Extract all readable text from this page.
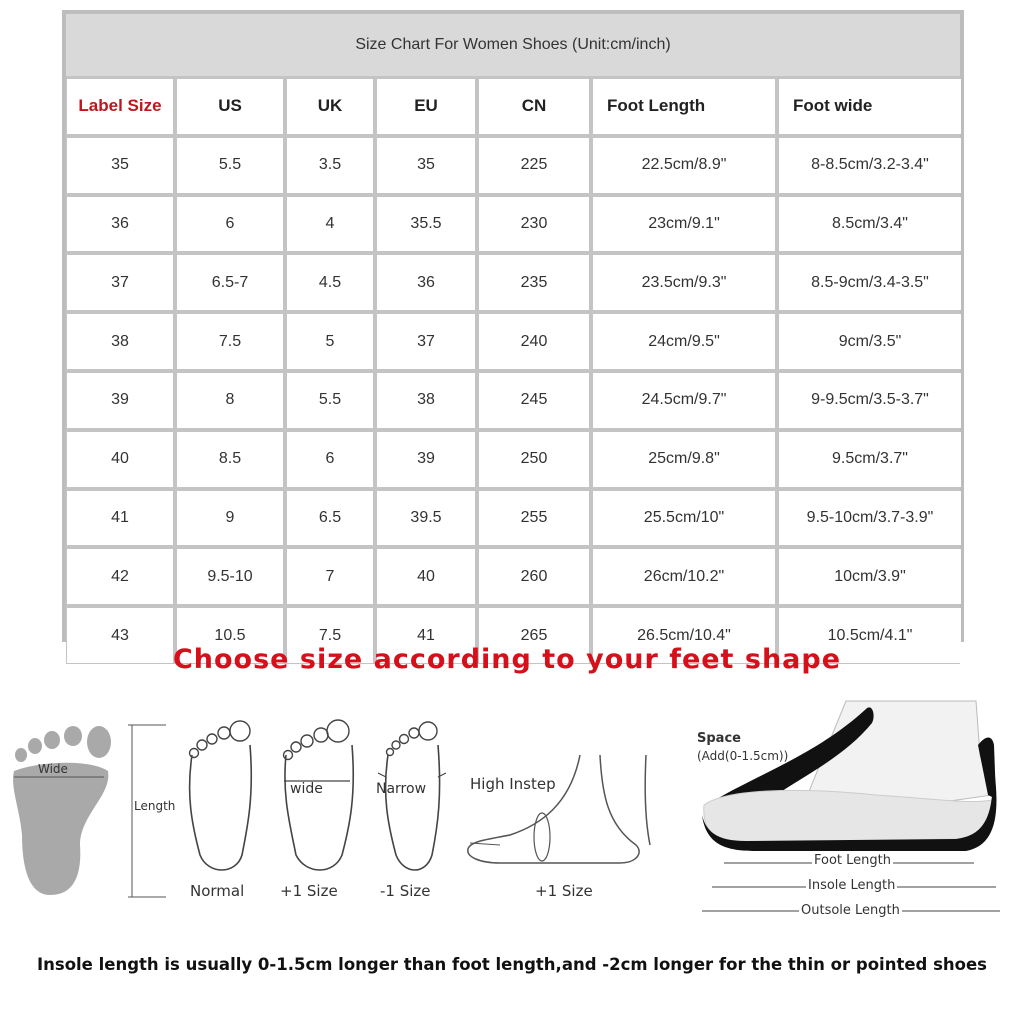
Size Chart For Women Shoes (Unit:cm/inch)
Label Size	US	UK	EU	CN	Foot Length	Foot wide
35	5.5	3.5	35	225	22.5cm/8.9"	8-8.5cm/3.2-3.4"
36	6	4	35.5	230	23cm/9.1"	8.5cm/3.4"
37	6.5-7	4.5	36	235	23.5cm/9.3"	8.5-9cm/3.4-3.5"
38	7.5	5	37	240	24cm/9.5"	9cm/3.5"
39	8	5.5	38	245	24.5cm/9.7"	9-9.5cm/3.5-3.7"
40	8.5	6	39	250	25cm/9.8"	9.5cm/3.7"
41	9	6.5	39.5	255	25.5cm/10"	9.5-10cm/3.7-3.9"
42	9.5-10	7	40	260	26cm/10.2"	10cm/3.9"
43	10.5	7.5	41	265	26.5cm/10.4"	10.5cm/4.1"
Choose size according to your feet shape
Wide
Length
wide	Narrow
Normal +1 Size	-1 Size
High Instep
+1 Size
Space
(Add(0-1.5cm))
Foot Length
Insole Length
Outsole Length
Insole length is usually 0-1.5cm longer than foot length,and -2cm longer for the thin or pointed shoes
